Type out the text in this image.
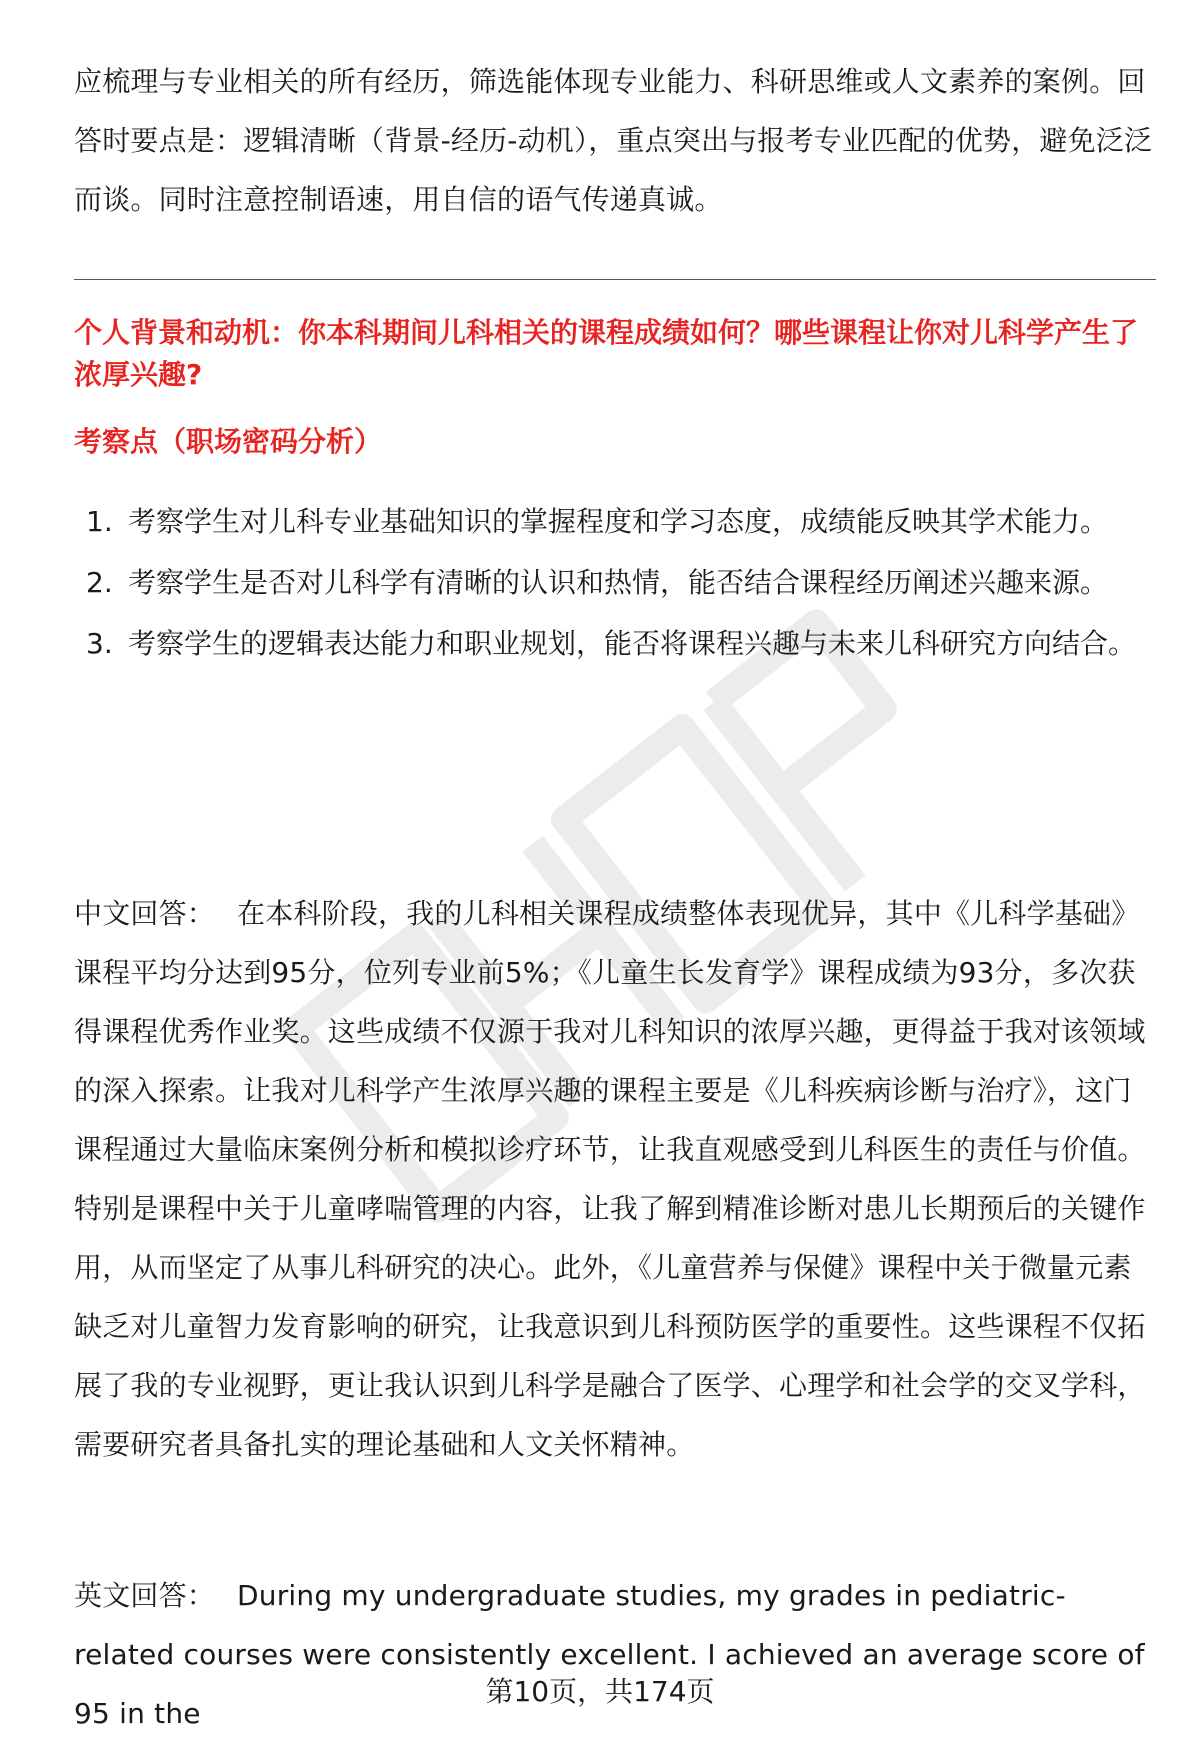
应梳理与专业相关的所有经历，筛选能体现专业能力、科研思维或人文素养的案例。回答时要点是：逻辑清晰（背景-经历-动机），重点突出与报考专业匹配的优势，避免泛泛而谈。同时注意控制语速，用自信的语气传递真诚。

个人背景和动机：你本科期间儿科相关的课程成绩如何？哪些课程让你对儿科学产生了浓厚兴趣?

考察点（职场密码分析）

1. 考察学生对儿科专业基础知识的掌握程度和学习态度，成绩能反映其学术能力。
2. 考察学生是否对儿科学有清晰的认识和热情，能否结合课程经历阐述兴趣来源。
3. 考察学生的逻辑表达能力和职业规划，能否将课程兴趣与未来儿科研究方向结合。

中文回答： 在本科阶段，我的儿科相关课程成绩整体表现优异，其中《儿科学基础》课程平均分达到95分，位列专业前5%；《儿童生长发育学》课程成绩为93分，多次获得课程优秀作业奖。这些成绩不仅源于我对儿科知识的浓厚兴趣，更得益于我对该领域的深入探索。让我对儿科学产生浓厚兴趣的课程主要是《儿科疾病诊断与治疗》，这门课程通过大量临床案例分析和模拟诊疗环节，让我直观感受到儿科医生的责任与价值。特别是课程中关于儿童哮喘管理的内容，让我了解到精准诊断对患儿长期预后的关键作用，从而坚定了从事儿科研究的决心。此外，《儿童营养与保健》课程中关于微量元素缺乏对儿童智力发育影响的研究，让我意识到儿科预防医学的重要性。这些课程不仅拓展了我的专业视野，更让我认识到儿科学是融合了医学、心理学和社会学的交叉学科，需要研究者具备扎实的理论基础和人文关怀精神。

英文回答： During my undergraduate studies, my grades in pediatric-related courses were consistently excellent. I achieved an average score of 95 in the

第10页，共174页
